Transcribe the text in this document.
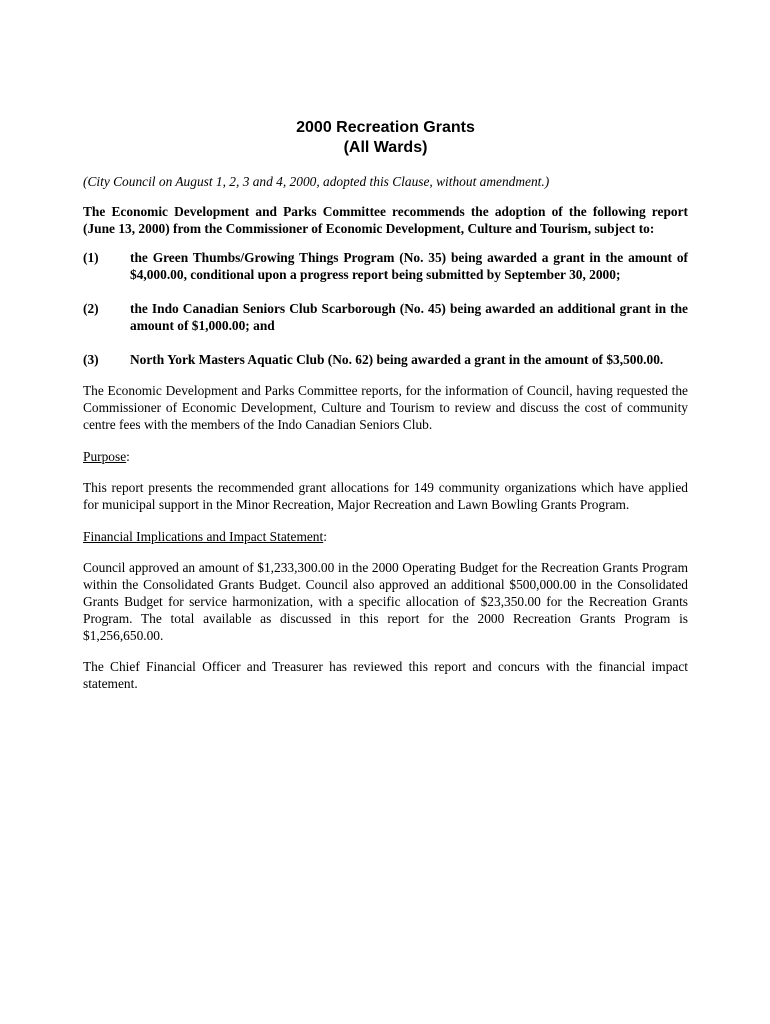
2000 Recreation Grants
(All Wards)

(City Council on August 1, 2, 3 and 4, 2000, adopted this Clause, without amendment.)

The Economic Development and Parks Committee recommends the adoption of the following report (June 13, 2000) from the Commissioner of Economic Development, Culture and Tourism, subject to:

(1)	the Green Thumbs/Growing Things Program (No. 35) being awarded a grant in the amount of $4,000.00, conditional upon a progress report being submitted by September 30, 2000;
(2)	the Indo Canadian Seniors Club Scarborough (No. 45) being awarded an additional grant in the amount of $1,000.00; and
(3)	North York Masters Aquatic Club (No. 62) being awarded a grant in the amount of $3,500.00.

The Economic Development and Parks Committee reports, for the information of Council, having requested the Commissioner of Economic Development, Culture and Tourism to review and discuss the cost of community centre fees with the members of the Indo Canadian Seniors Club.

Purpose:

This report presents the recommended grant allocations for 149 community organizations which have applied for municipal support in the Minor Recreation, Major Recreation and Lawn Bowling Grants Program.

Financial Implications and Impact Statement:

Council approved an amount of $1,233,300.00 in the 2000 Operating Budget for the Recreation Grants Program within the Consolidated Grants Budget. Council also approved an additional $500,000.00 in the Consolidated Grants Budget for service harmonization, with a specific allocation of $23,350.00 for the Recreation Grants Program. The total available as discussed in this report for the 2000 Recreation Grants Program is $1,256,650.00.

The Chief Financial Officer and Treasurer has reviewed this report and concurs with the financial impact statement.
